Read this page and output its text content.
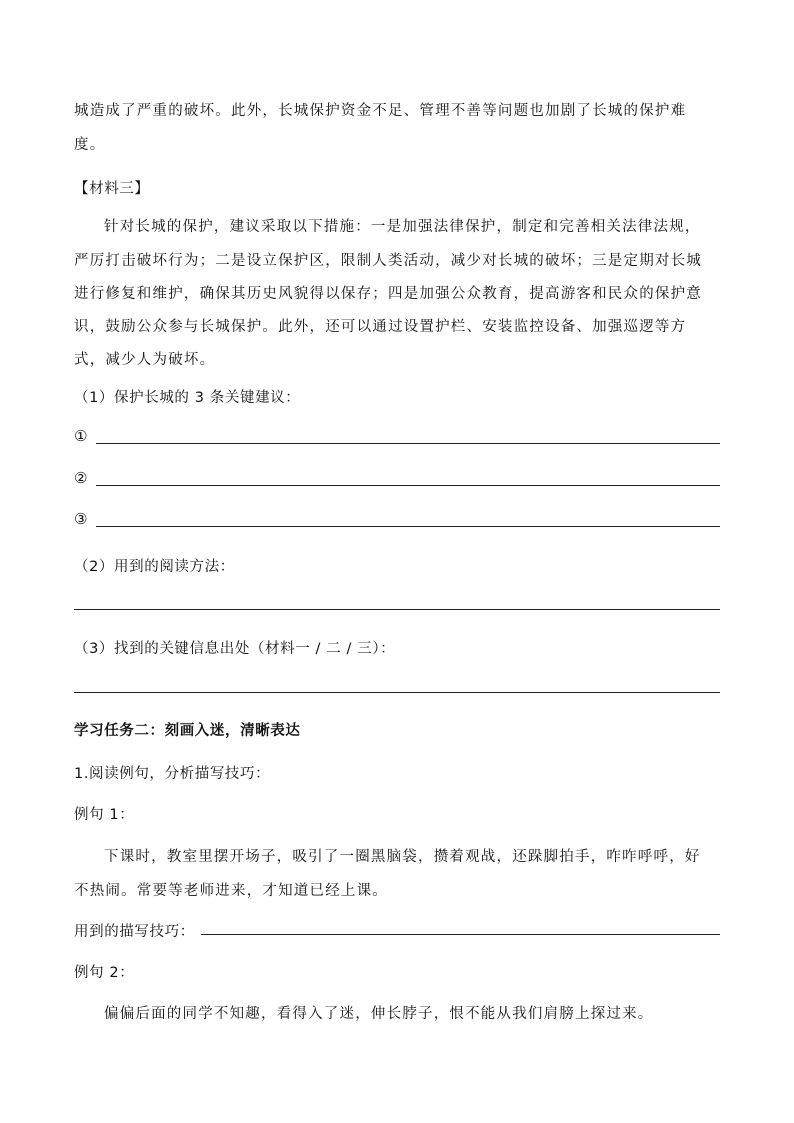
城造成了严重的破坏。此外，长城保护资金不足、管理不善等问题也加剧了长城的保护难
度。
【材料三】
针对长城的保护，建议采取以下措施：一是加强法律保护，制定和完善相关法律法规，
严厉打击破坏行为；二是设立保护区，限制人类活动，减少对长城的破坏；三是定期对长城
进行修复和维护，确保其历史风貌得以保存；四是加强公众教育，提高游客和民众的保护意
识，鼓励公众参与长城保护。此外，还可以通过设置护栏、安装监控设备、加强巡逻等方
式，减少人为破坏。
（1）保护长城的 3 条关键建议：
①
②
③
（2）用到的阅读方法：
（3）找到的关键信息出处（材料一 / 二 / 三）：
学习任务二：刻画入迷，清晰表达
1.阅读例句，分析描写技巧：
例句 1：
下课时，教室里摆开场子，吸引了一圈黑脑袋，攒着观战，还跺脚拍手，咋咋呼呼，好
不热闹。常要等老师进来，才知道已经上课。
用到的描写技巧：
例句 2：
偏偏后面的同学不知趣，看得入了迷，伸长脖子，恨不能从我们肩膀上探过来。
